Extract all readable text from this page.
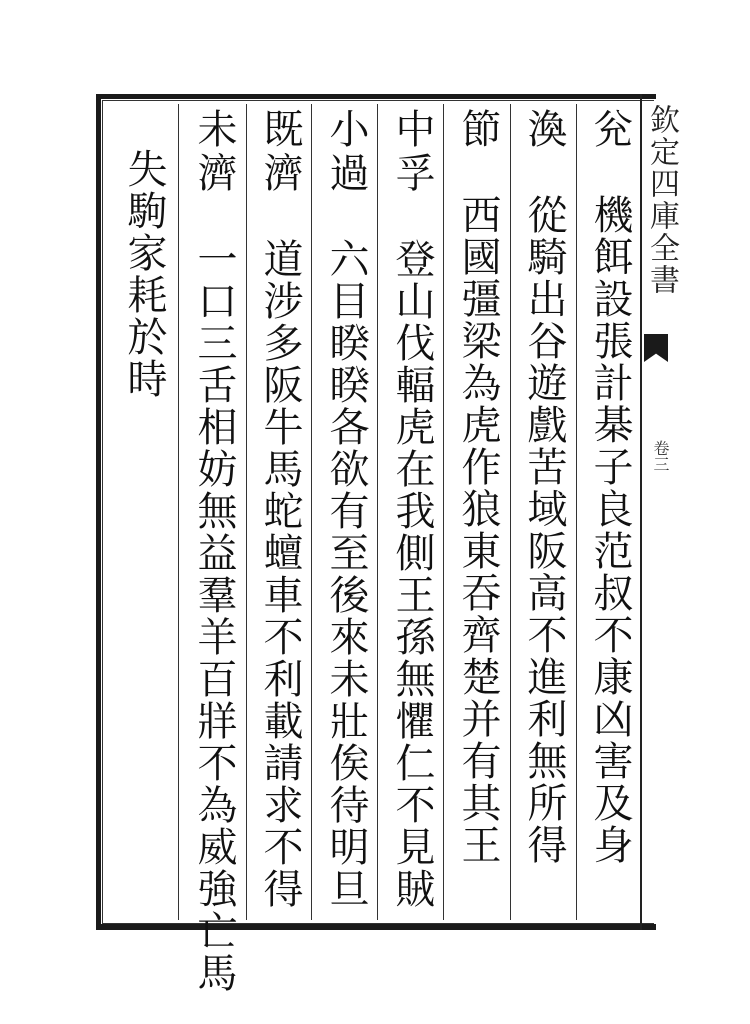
欽定四庫全書
卷三
兊機餌設張計棊子良范叔不康凶害及身
渙從騎出谷遊戲苦域阪高不進利無所得
節西國彊梁為虎作狼東吞齊楚并有其王
中孚登山伐輻虎在我側王孫無懼仁不見賊
小過六目睽睽各欲有至後來未壯俟待明旦
既濟道涉多阪牛馬蛇蟺車不利載請求不得
未濟一口三舌相妨無益羣羊百牂不為威強亡馬
失駒家耗於時
